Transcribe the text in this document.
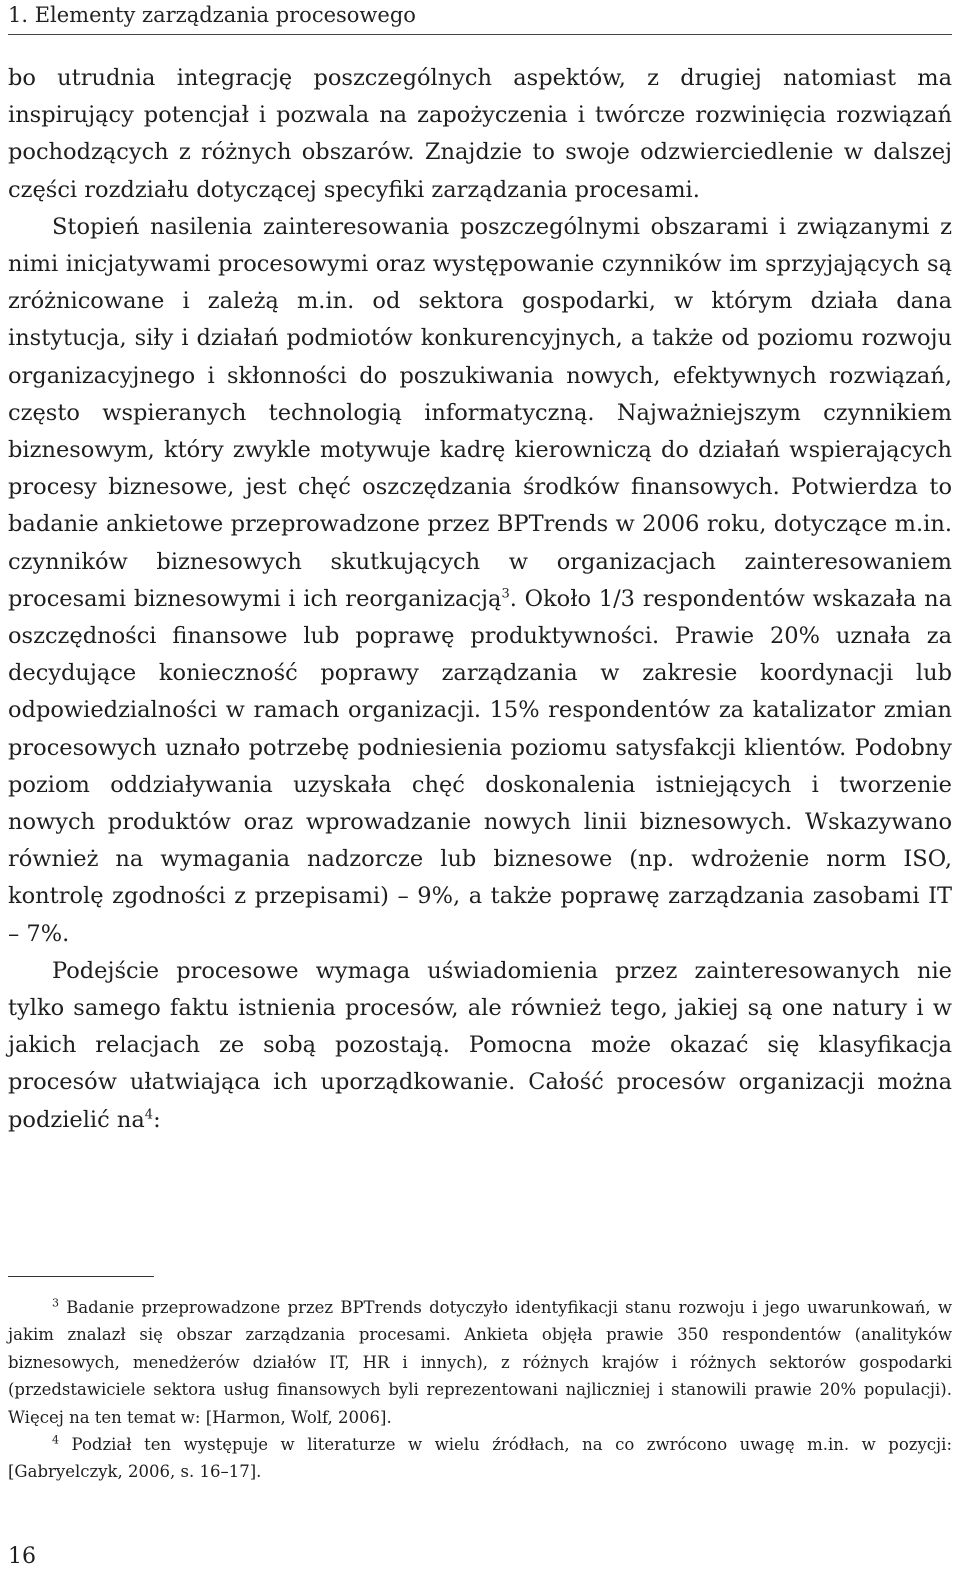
1. Elementy zarządzania procesowego

bo utrudnia integrację poszczególnych aspektów, z drugiej natomiast ma inspirujący potencjał i pozwala na zapożyczenia i twórcze rozwinięcia rozwiązań pochodzących z różnych obszarów. Znajdzie to swoje odzwierciedlenie w dalszej części rozdziału dotyczącej specyfiki zarządzania procesami.

Stopień nasilenia zainteresowania poszczególnymi obszarami i związanymi z nimi inicjatywami procesowymi oraz występowanie czynników im sprzyjających są zróżnicowane i zależą m.in. od sektora gospodarki, w którym działa dana instytucja, siły i działań podmiotów konkurencyjnych, a także od poziomu rozwoju organizacyjnego i skłonności do poszukiwania nowych, efektywnych rozwiązań, często wspieranych technologią informatyczną. Najważniejszym czynnikiem biznesowym, który zwykle motywuje kadrę kierowniczą do działań wspierających procesy biznesowe, jest chęć oszczędzania środków finansowych. Potwierdza to badanie ankietowe przeprowadzone przez BPTrends w 2006 roku, dotyczące m.in. czynników biznesowych skutkujących w organizacjach zainteresowaniem procesami biznesowymi i ich reorganizacją$^3$. Około 1/3 respondentów wskazała na oszczędności finansowe lub poprawę produktywności. Prawie 20% uznała za decydujące konieczność poprawy zarządzania w zakresie koordynacji lub odpowiedzialności w ramach organizacji. 15% respondentów za katalizator zmian procesowych uznało potrzebę podniesienia poziomu satysfakcji klientów. Podobny poziom oddziaływania uzyskała chęć doskonalenia istniejących i tworzenie nowych produktów oraz wprowadzanie nowych linii biznesowych. Wskazywano również na wymagania nadzorcze lub biznesowe (np. wdrożenie norm ISO, kontrolę zgodności z przepisami) – 9%, a także poprawę zarządzania zasobami IT – 7%.

Podejście procesowe wymaga uświadomienia przez zainteresowanych nie tylko samego faktu istnienia procesów, ale również tego, jakiej są one natury i w jakich relacjach ze sobą pozostają. Pomocna może okazać się klasyfikacja procesów ułatwiająca ich uporządkowanie. Całość procesów organizacji można podzielić $na^4$:

$^3$ Badanie przeprowadzone przez BPTrends dotyczyło identyfikacji stanu rozwoju i jego uwarunkowań, w jakim znalazł się obszar zarządzania procesami. Ankieta objęła prawie 350 respondentów (analityków biznesowych, menedżerów działów IT, HR i innych), z różnych krajów i różnych sektorów gospodarki (przedstawiciele sektora usług finansowych byli reprezentowani najliczniej i stanowili prawie 20% populacji). Więcej na ten temat w: [Harmon, Wolf, 2006].

$^4$ Podział ten występuje w literaturze w wielu źródłach, na co zwrócono uwagę m.in. w pozycji: [Gabryelczyk, 2006, s. 16–17].

16
